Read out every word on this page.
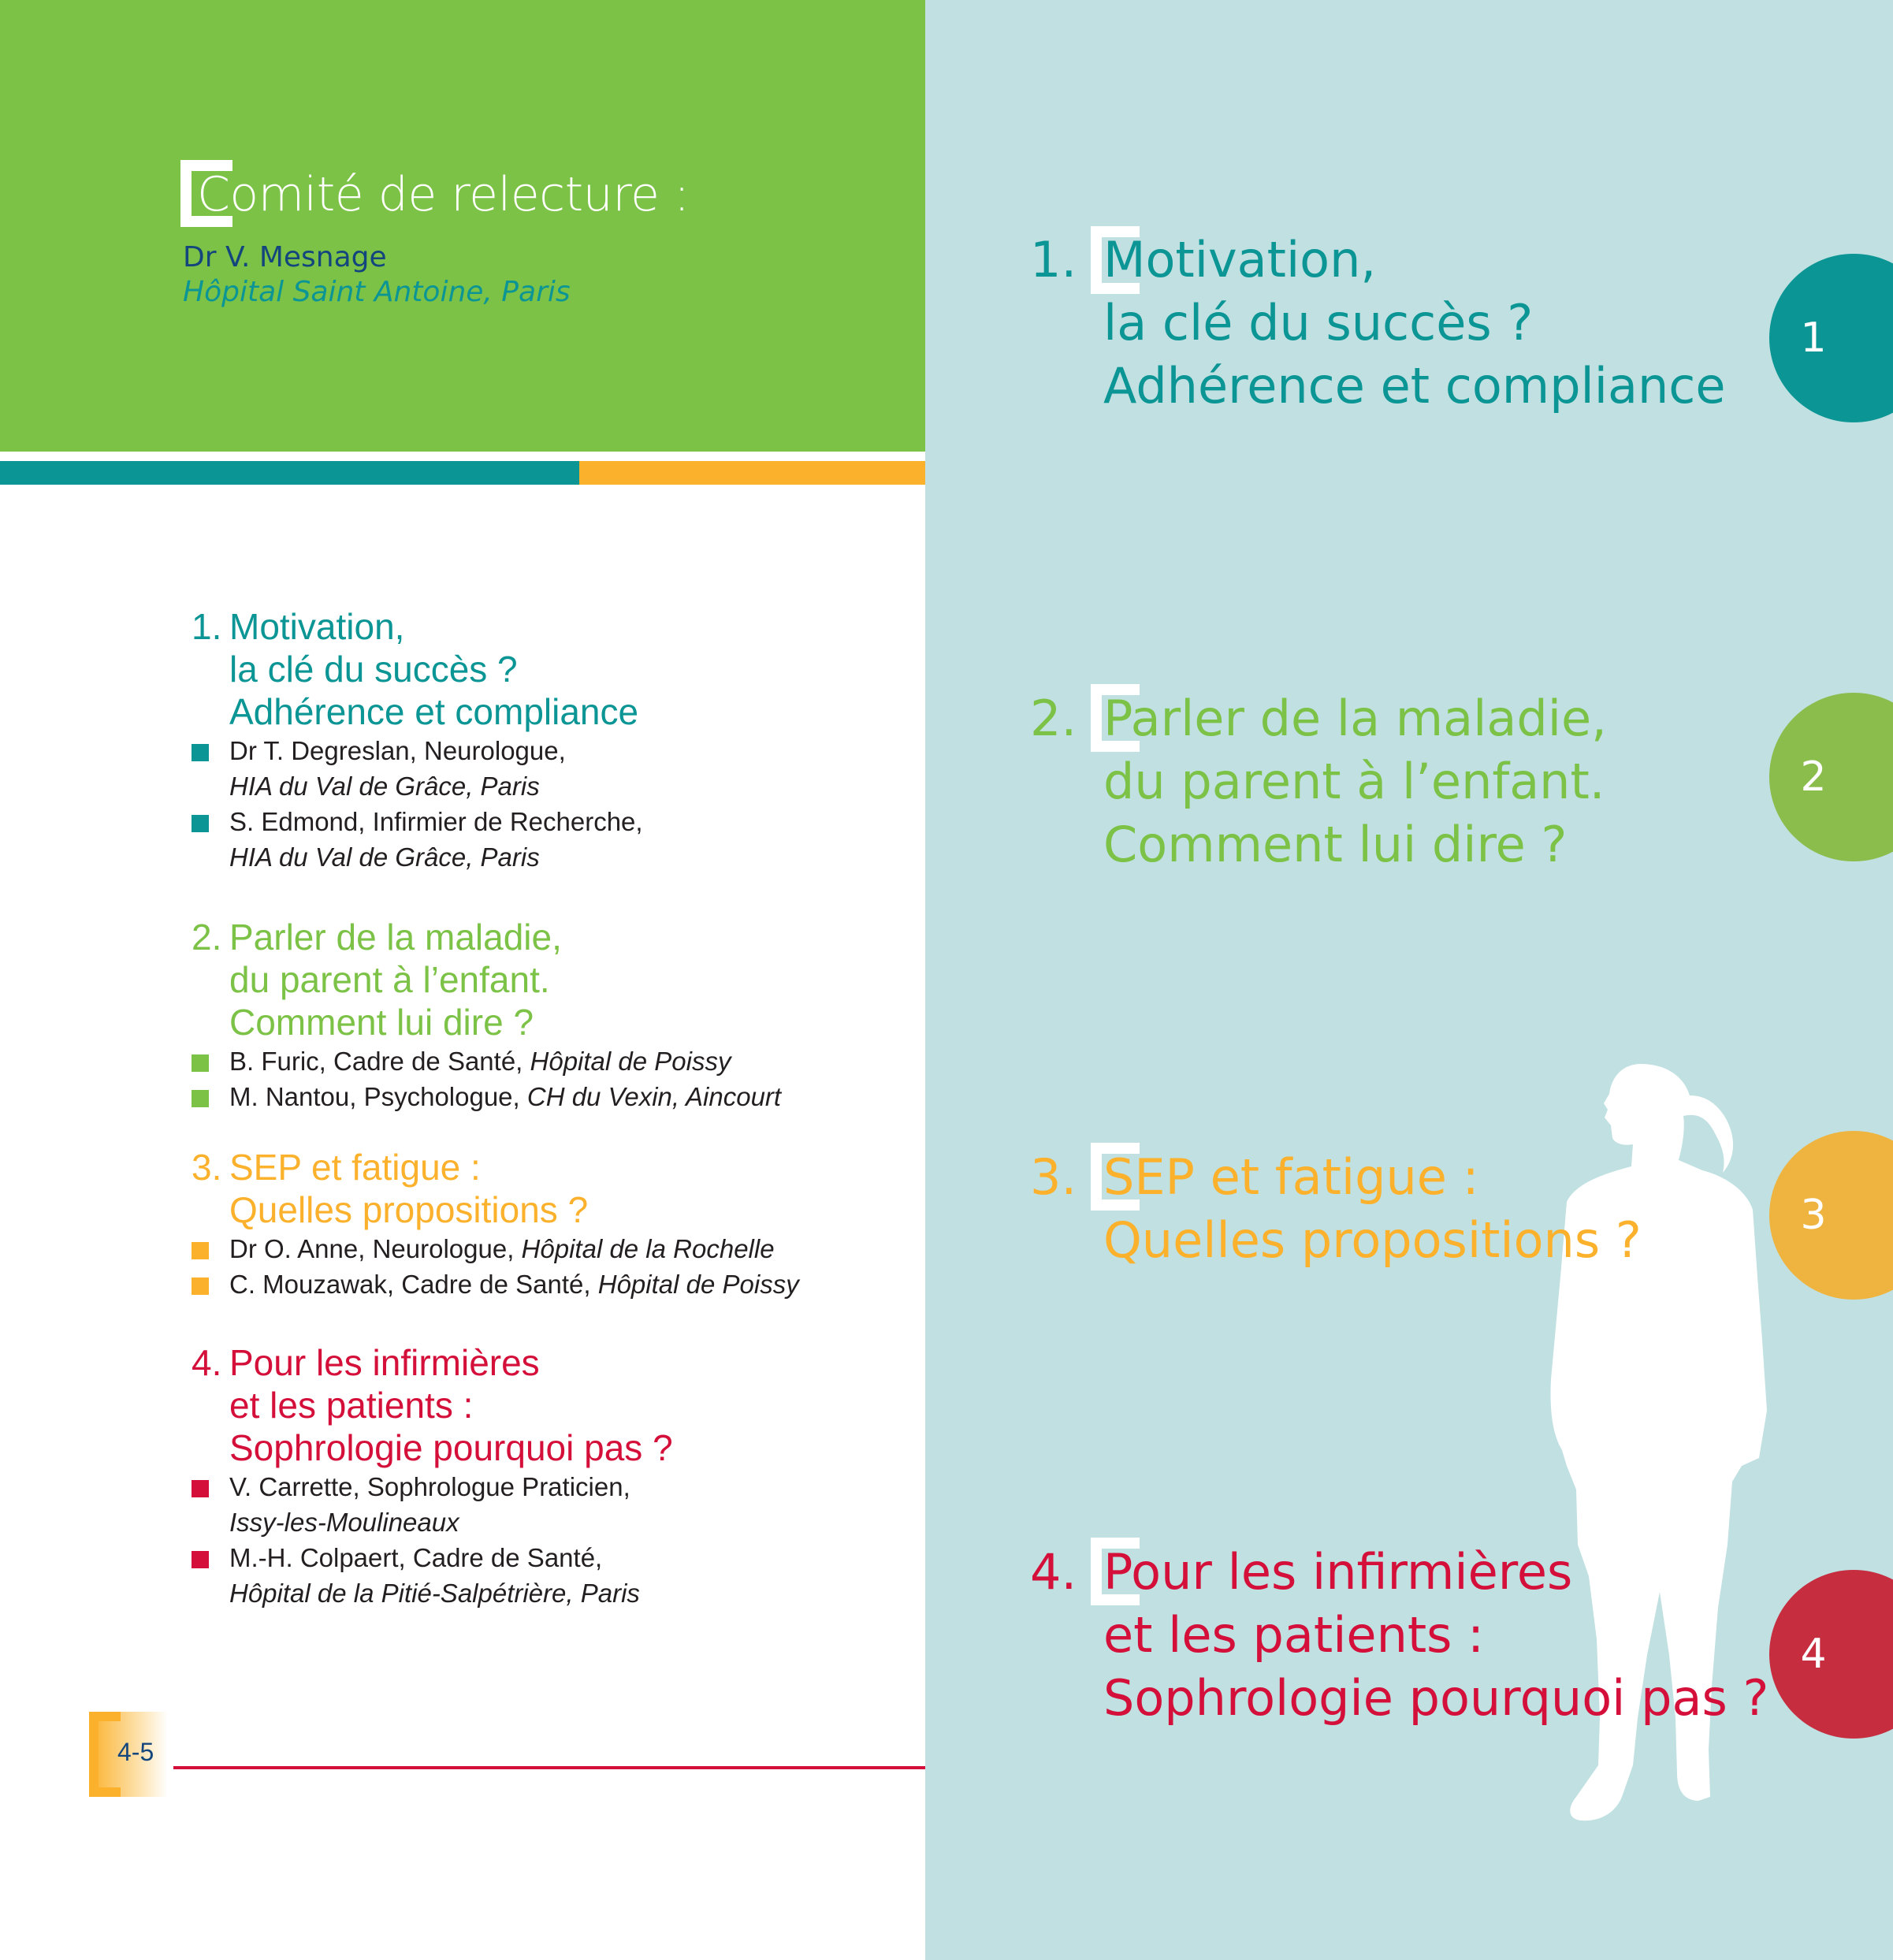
Comité de relecture :
Dr V. Mesnage
Hôpital Saint Antoine, Paris
1. Motivation,
la clé du succès ?
Adhérence et compliance
Dr T. Degreslan, Neurologue,
HIA du Val de Grâce, Paris
S. Edmond, Infirmier de Recherche,
HIA du Val de Grâce, Paris
2. Parler de la maladie,
du parent à l’enfant.
Comment lui dire ?
B. Furic, Cadre de Santé, Hôpital de Poissy
M. Nantou, Psychologue, CH du Vexin, Aincourt
3. SEP et fatigue :
Quelles propositions ?
Dr O. Anne, Neurologue, Hôpital de la Rochelle
C. Mouzawak, Cadre de Santé, Hôpital de Poissy
4. Pour les infirmières
et les patients :
Sophrologie pourquoi pas ?
V. Carrette, Sophrologue Praticien,
Issy-les-Moulineaux
M.-H. Colpaert, Cadre de Santé,
Hôpital de la Pitié-Salpétrière, Paris
4-5
1. Motivation,
la clé du succès ?
Adhérence et compliance
1
2. Parler de la maladie,
du parent à l’enfant.
Comment lui dire ?
2
3. SEP et fatigue :
Quelles propositions ?	3
4. Pour les infirmières
et les patients :
Sophrologie pourquoi pas ?
4
